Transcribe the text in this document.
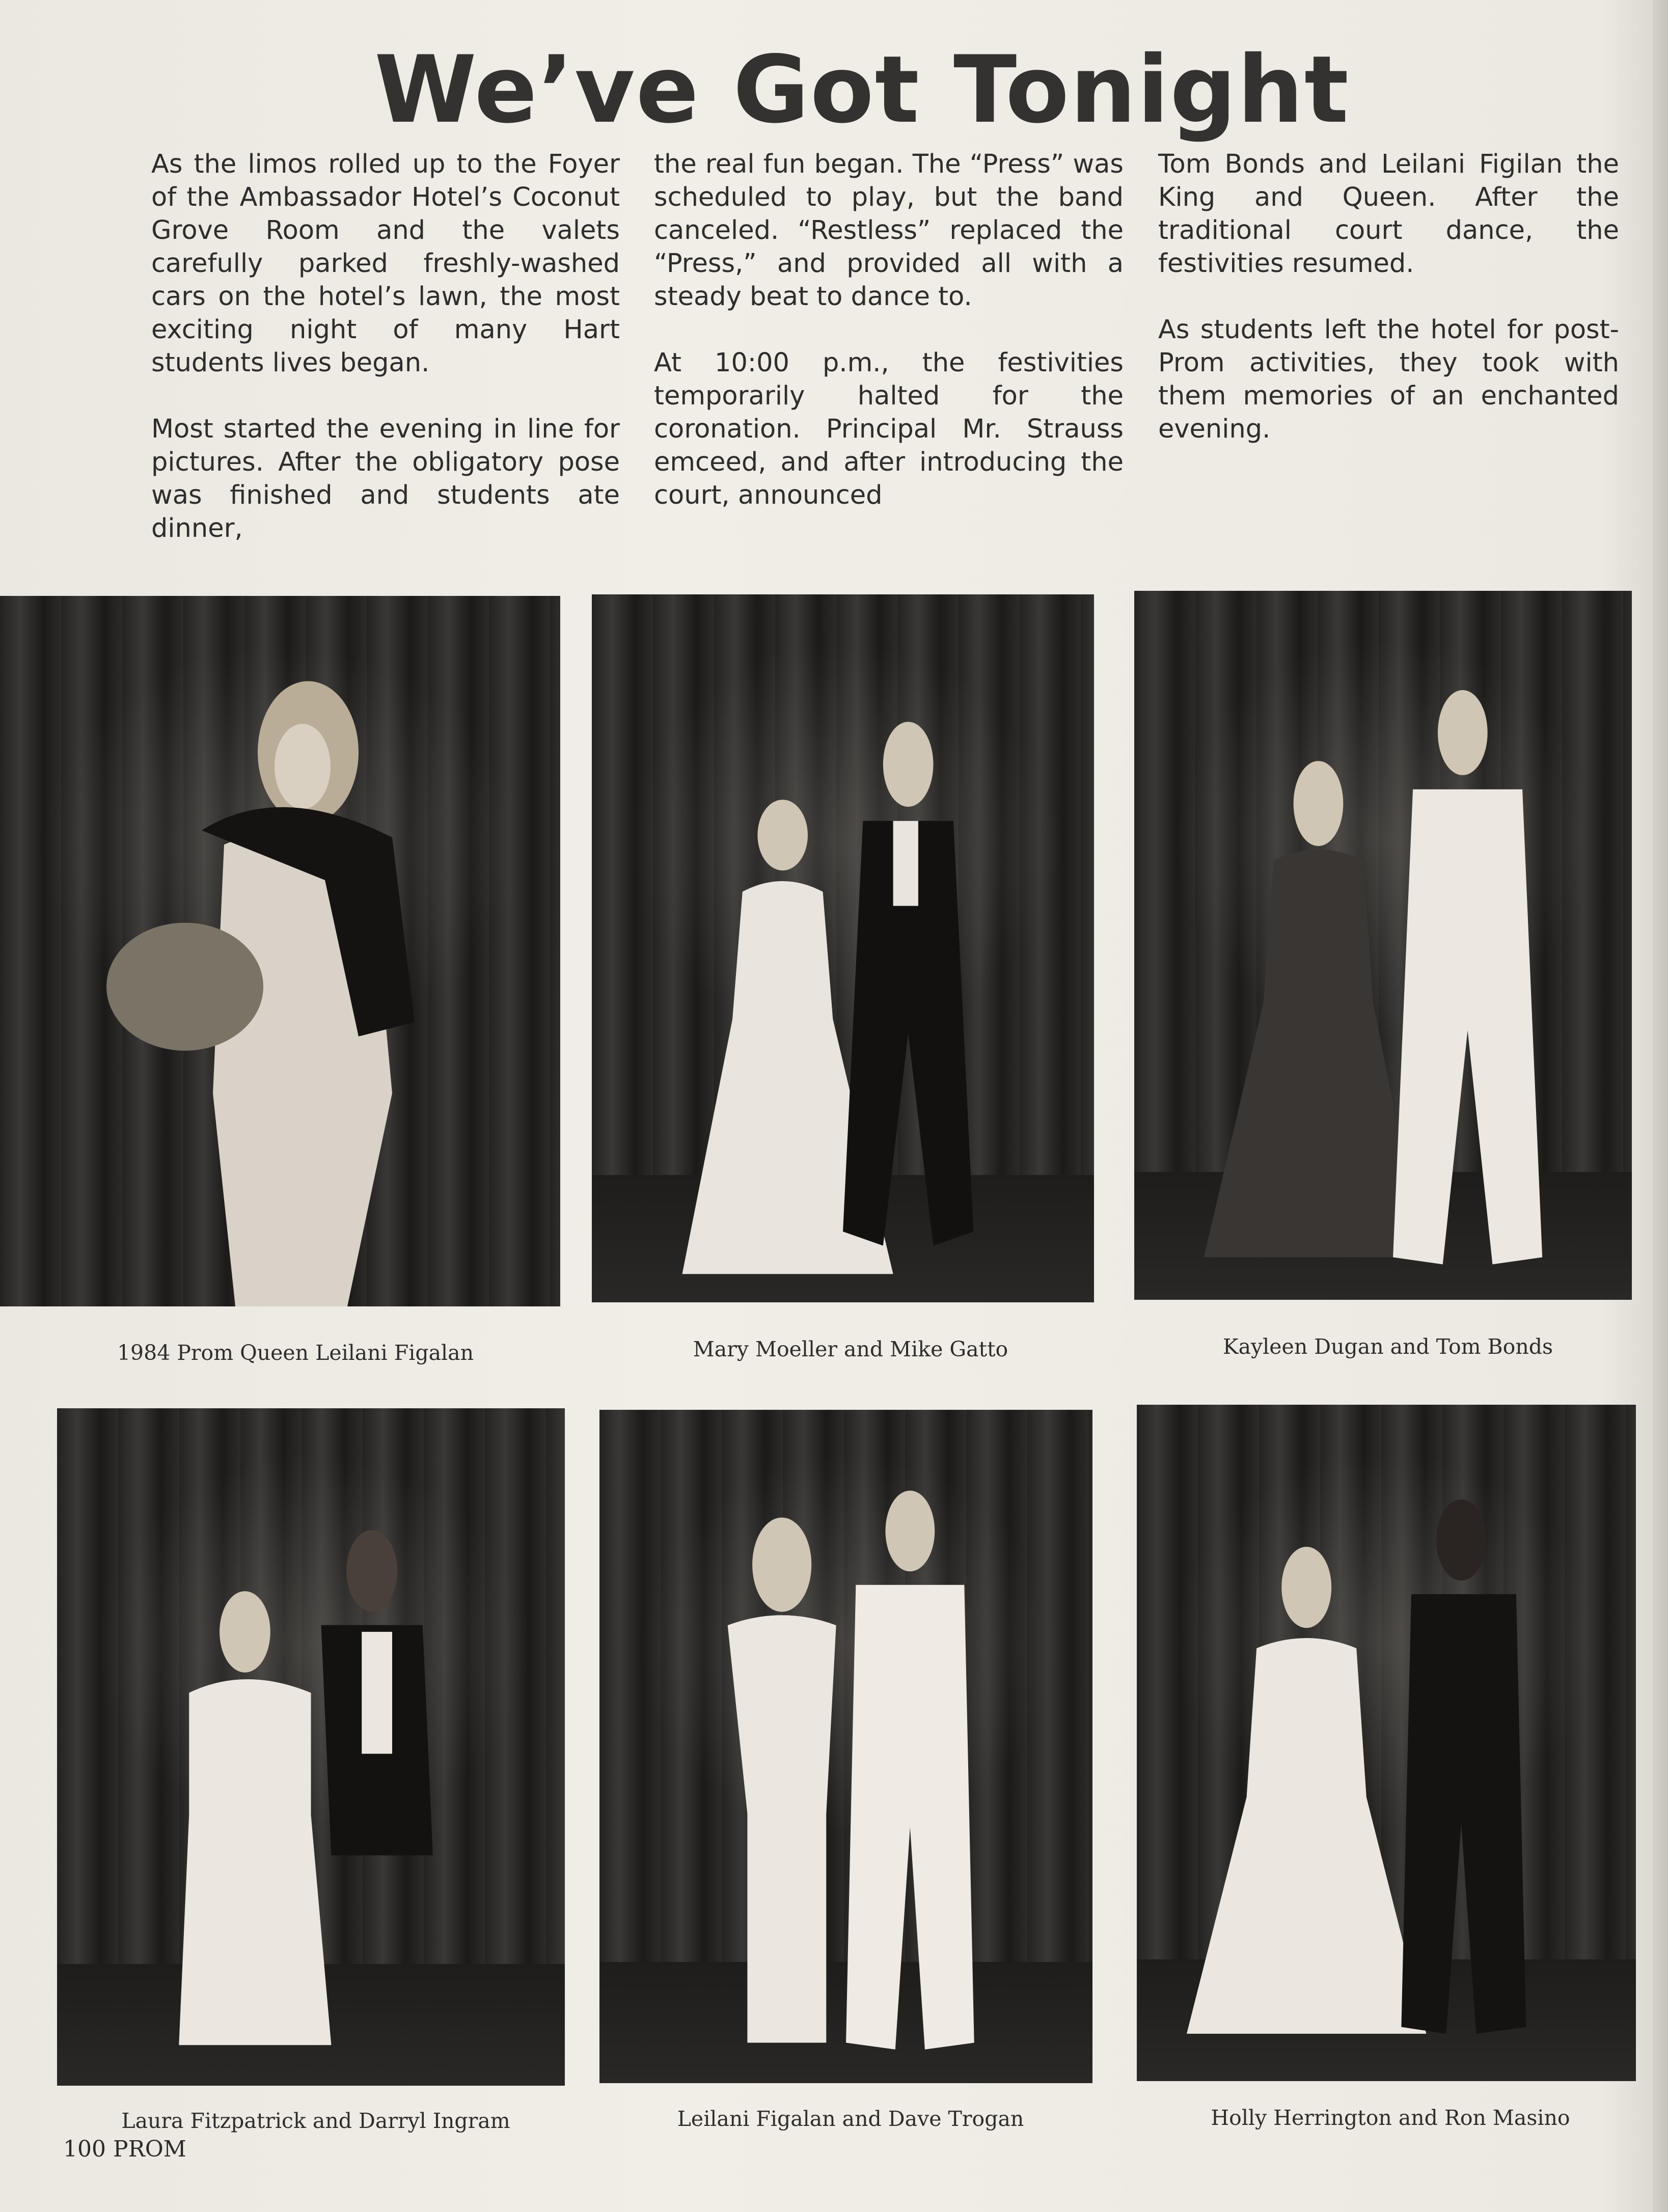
We’ve Got Tonight

As the limos rolled up to the Foyer of the Ambassador Hotel’s Coconut Grove Room and the valets carefully parked freshly-washed cars on the hotel’s lawn, the most exciting night of many Hart students lives began.

Most started the evening in line for pictures. After the obligatory pose was finished and students ate dinner,

the real fun began. The “Press” was scheduled to play, but the band canceled. “Restless” replaced the “Press,” and provided all with a steady beat to dance to.

At 10:00 p.m., the festivities temporarily halted for the coronation. Principal Mr. Strauss emceed, and after introducing the court, announced

Tom Bonds and Leilani Figilan the King and Queen. After the traditional court dance, the festivities resumed.

As students left the hotel for post-Prom activities, they took with them memories of an enchanted evening.

1984 Prom Queen Leilani Figalan	Mary Moeller and Mike Gatto	Kayleen Dugan and Tom Bonds
Laura Fitzpatrick and Darryl Ingram	Leilani Figalan and Dave Trogan	Holly Herrington and Ron Masino
100 PROM
